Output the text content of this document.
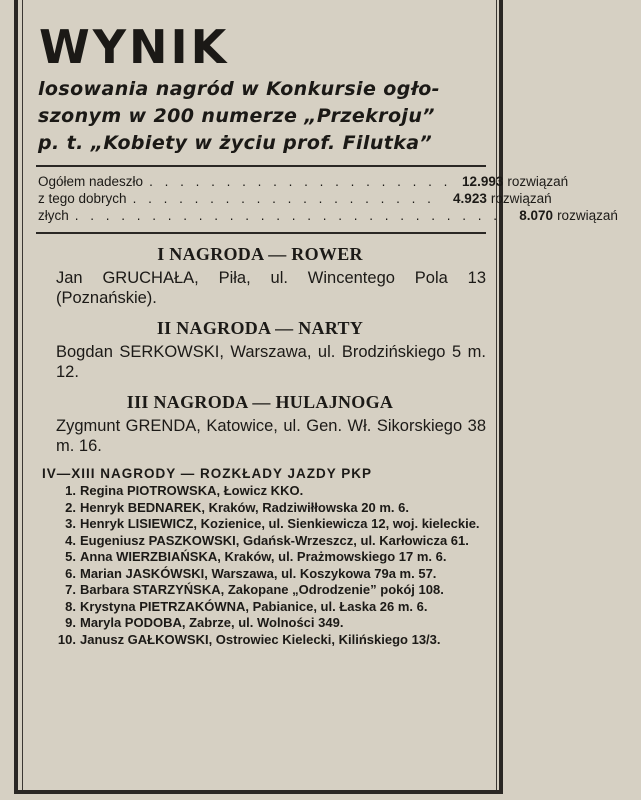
WYNIK
losowania nagród w Konkursie ogło-
szonym w 200 numerze „Przekroju”
p. t. „Kobiety w życiu prof. Filutka”
Ogółem nadeszło . . . . . . . . . . . . . . . . . . . . 12.993 rozwiązań
z tego dobrych . . . . . . . . . . . . . . . . . . . .	4.923 rozwiązań
złych . . . . . . . . . . . . . . . . . . . . . . . . . . . .	8.070 rozwiązań
I NAGRODA — ROWER
Jan GRUCHAŁA, Piła, ul. Wincentego Pola 13 (Poznańskie).
II NAGRODA — NARTY
Bogdan SERKOWSKI, Warszawa, ul. Brodzińskiego 5 m. 12.
III NAGRODA — HULAJNOGA
Zygmunt GRENDA, Katowice, ul. Gen. Wł. Sikorskiego 38 m. 16.
IV—XIII NAGRODY — ROZKŁADY JAZDY PKP
1. Regina PIOTROWSKA, Łowicz KKO.
2. Henryk BEDNAREK, Kraków, Radziwiłłowska 20 m. 6.
3. Henryk LISIEWICZ, Kozienice, ul. Sienkiewicza 12, woj. kieleckie.
4. Eugeniusz PASZKOWSKI, Gdańsk-Wrzeszcz, ul. Karłowicza 61.
5. Anna WIERZBIAŃSKA, Kraków, ul. Prażmowskiego 17 m. 6.
6. Marian JASKÓWSKI, Warszawa, ul. Koszykowa 79a m. 57.
7. Barbara STARZYŃSKA, Zakopane „Odrodzenie” pokój 108.
8. Krystyna PIETRZAKÓWNA, Pabianice, ul. Łaska 26 m. 6.
9. Maryla PODOBA, Zabrze, ul. Wolności 349.
10. Janusz GAŁKOWSKI, Ostrowiec Kielecki, Kilińskiego 13/3.
